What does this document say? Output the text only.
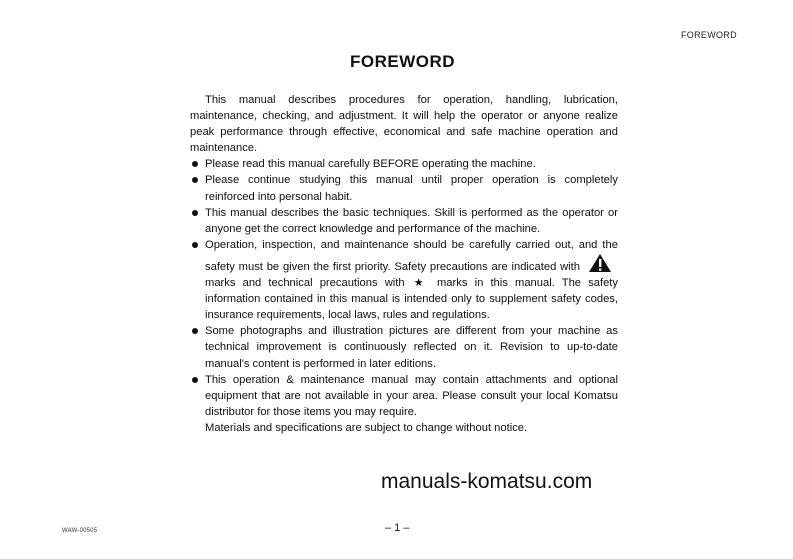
FOREWORD
FOREWORD

This manual describes procedures for operation, handling, lubrication, maintenance, checking, and adjustment. It will help the operator or anyone realize peak performance through effective, economical and safe machine operation and maintenance.

Please read this manual carefully BEFORE operating the machine.
Please continue studying this manual until proper operation is completely reinforced into personal habit.
This manual describes the basic techniques. Skill is performed as the operator or anyone get the correct knowledge and performance of the machine.
Operation, inspection, and maintenance should be carefully carried out, and the safety must be given the first priority. Safety precautions are indicated withmarks and technical precautions with ★ marks in this manual. The safety information contained in this manual is intended only to supplement safety codes, insurance requirements, local laws, rules and regulations.
Some photographs and illustration pictures are different from your machine as technical improvement is continuously reflected on it. Revision to up-to-date manual's content is performed in later editions.
This operation & maintenance manual may contain attachments and optional equipment that are not available in your area. Please consult your local Komatsu distributor for those items you may require.

Materials and specifications are subject to change without notice.

manuals-komatsu.com
– 1 –
WAW-00505
